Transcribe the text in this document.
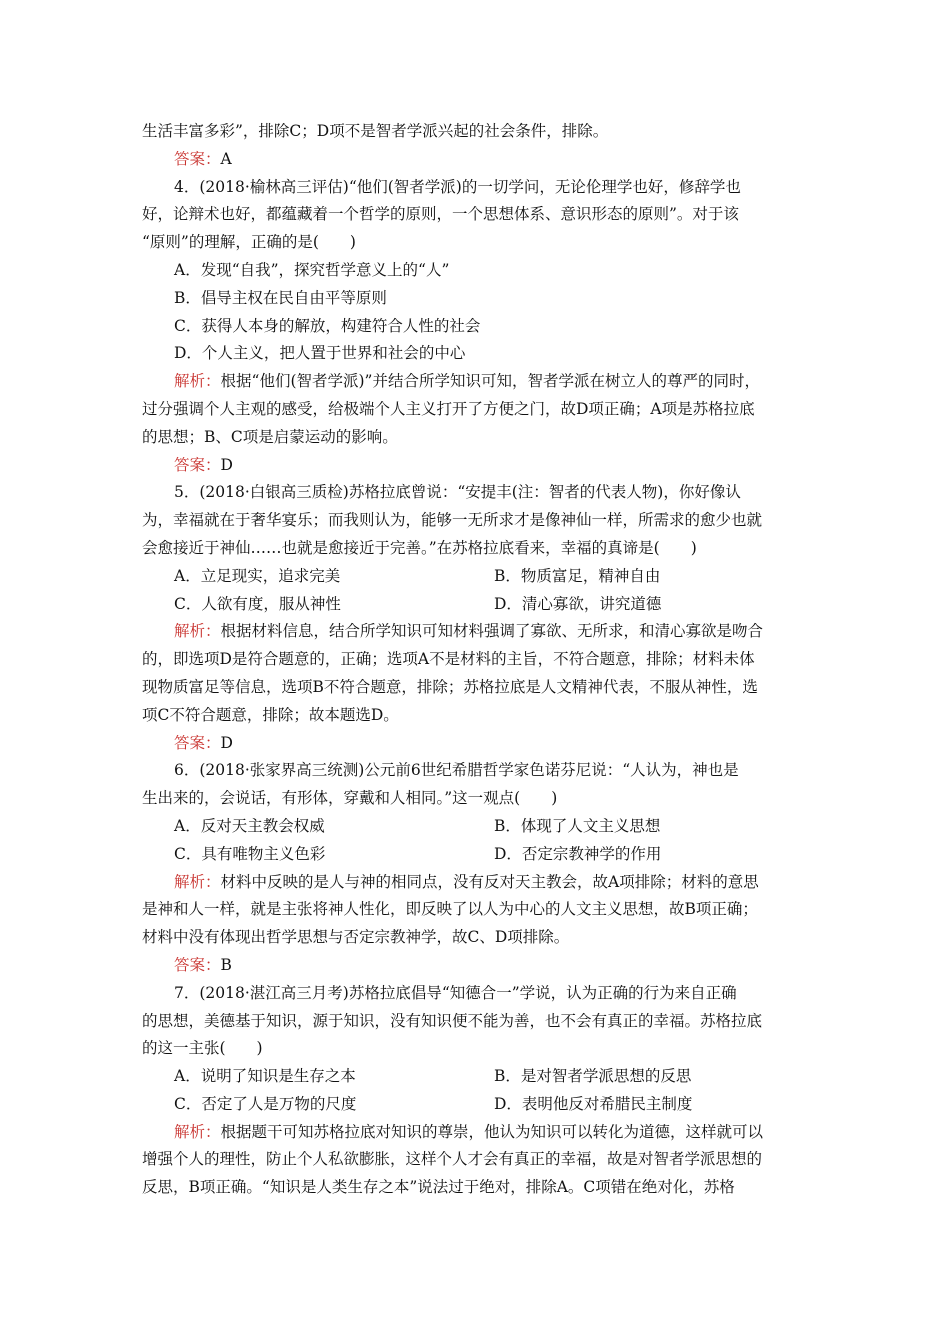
生活丰富多彩”，排除C；D项不是智者学派兴起的社会条件，排除。
答案：A
4．(2018·榆林高三评估)“他们(智者学派)的一切学问，无论伦理学也好，修辞学也
好，论辩术也好，都蕴藏着一个哲学的原则，一个思想体系、意识形态的原则”。对于该
“原则”的理解，正确的是(　　)
A．发现“自我”，探究哲学意义上的“人”
B．倡导主权在民自由平等原则
C．获得人本身的解放，构建符合人性的社会
D．个人主义，把人置于世界和社会的中心
解析：根据“他们(智者学派)”并结合所学知识可知，智者学派在树立人的尊严的同时，
过分强调个人主观的感受，给极端个人主义打开了方便之门，故D项正确；A项是苏格拉底
的思想；B、C项是启蒙运动的影响。
答案：D
5．(2018·白银高三质检)苏格拉底曾说：“安提丰(注：智者的代表人物)，你好像认
为，幸福就在于奢华宴乐；而我则认为，能够一无所求才是像神仙一样，所需求的愈少也就
会愈接近于神仙……也就是愈接近于完善。”在苏格拉底看来，幸福的真谛是(　　)
A．立足现实，追求完美	B．物质富足，精神自由
C．人欲有度，服从神性	D．清心寡欲，讲究道德
解析：根据材料信息，结合所学知识可知材料强调了寡欲、无所求，和清心寡欲是吻合
的，即选项D是符合题意的，正确；选项A不是材料的主旨，不符合题意，排除；材料未体
现物质富足等信息，选项B不符合题意，排除；苏格拉底是人文精神代表，不服从神性，选
项C不符合题意，排除；故本题选D。
答案：D
6．(2018·张家界高三统测)公元前6世纪希腊哲学家色诺芬尼说：“人认为，神也是
生出来的，会说话，有形体，穿戴和人相同。”这一观点(　　)
A．反对天主教会权威	B．体现了人文主义思想
C．具有唯物主义色彩	D．否定宗教神学的作用
解析：材料中反映的是人与神的相同点，没有反对天主教会，故A项排除；材料的意思
是神和人一样，就是主张将神人性化，即反映了以人为中心的人文主义思想，故B项正确；
材料中没有体现出哲学思想与否定宗教神学，故C、D项排除。
答案：B
7．(2018·湛江高三月考)苏格拉底倡导“知德合一”学说，认为正确的行为来自正确
的思想，美德基于知识，源于知识，没有知识便不能为善，也不会有真正的幸福。苏格拉底
的这一主张(　　)
A．说明了知识是生存之本	B．是对智者学派思想的反思
C．否定了人是万物的尺度	D．表明他反对希腊民主制度
解析：根据题干可知苏格拉底对知识的尊崇，他认为知识可以转化为道德，这样就可以
增强个人的理性，防止个人私欲膨胀，这样个人才会有真正的幸福，故是对智者学派思想的
反思，B项正确。“知识是人类生存之本”说法过于绝对，排除A。C项错在绝对化，苏格
